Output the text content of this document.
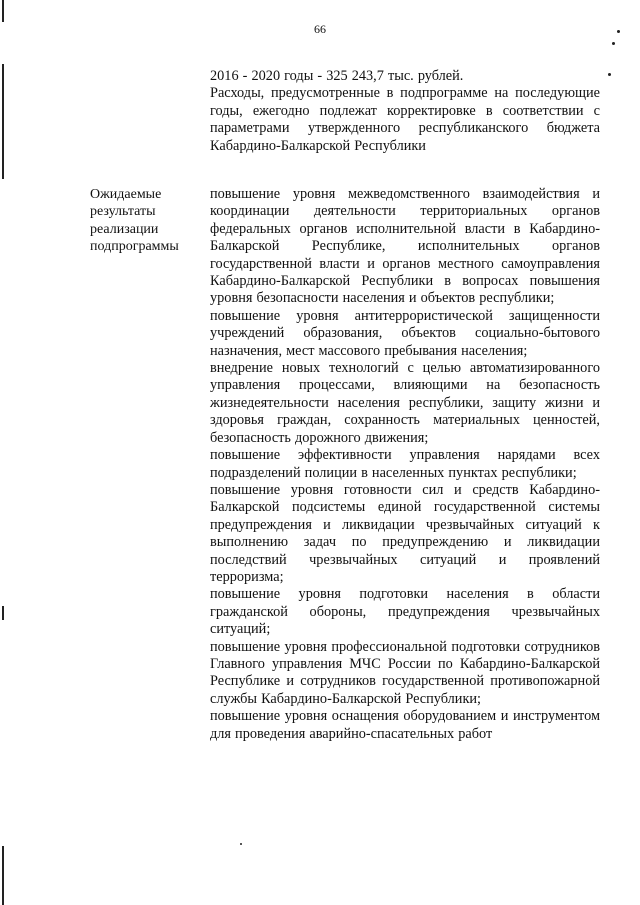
66

2016 - 2020 годы - 325 243,7 тыс. рублей.

Расходы, предусмотренные в подпрограмме на последующие годы, ежегодно подлежат корректировке в соответствии с параметрами утвержденного республиканского бюджета Кабардино-Балкарской Республики

Ожидаемые
результаты
реализации
подпрограммы

повышение уровня межведомственного взаимодействия и координации деятельности территориальных органов федеральных органов исполнительной власти в Кабардино-Балкарской Республике, исполнительных органов государственной власти и органов местного самоуправления Кабардино-Балкарской Республики в вопросах повышения уровня безопасности населения и объектов республики;

повышение уровня антитеррористической защищенности учреждений образования, объектов социально-бытового назначения, мест массового пребывания населения;

внедрение новых технологий с целью автоматизированного управления процессами, влияющими на безопасность жизнедеятельности населения республики, защиту жизни и здоровья граждан, сохранность материальных ценностей, безопасность дорожного движения;

повышение эффективности управления нарядами всех подразделений полиции в населенных пунктах республики;

повышение уровня готовности сил и средств Кабардино-Балкарской подсистемы единой государственной системы предупреждения и ликвидации чрезвычайных ситуаций к выполнению задач по предупреждению и ликвидации последствий чрезвычайных ситуаций и проявлений терроризма;

повышение уровня подготовки населения в области гражданской обороны, предупреждения чрезвычайных ситуаций;

повышение уровня профессиональной подготовки сотрудников Главного управления МЧС России по Кабардино-Балкарской Республике и сотрудников государственной противопожарной службы Кабардино-Балкарской Республики;

повышение уровня оснащения оборудованием и инструментом для проведения аварийно-спасательных работ
